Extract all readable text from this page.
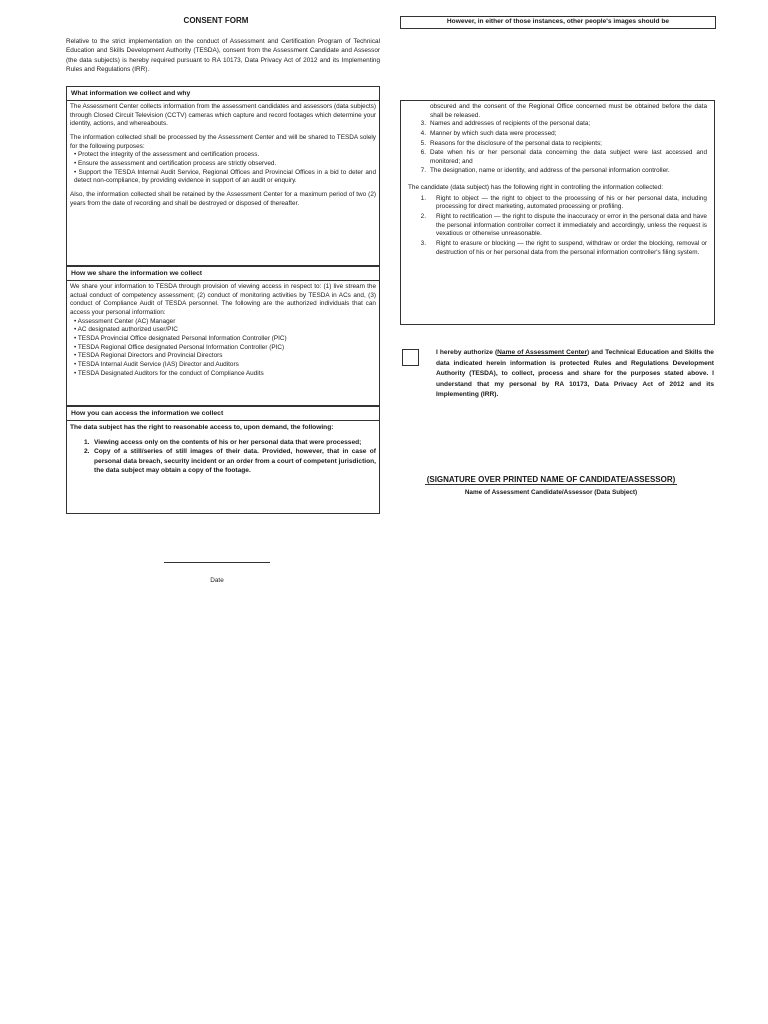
CONSENT FORM
Relative to the strict implementation on the conduct of Assessment and Certification Program of Technical Education and Skills Development Authority (TESDA), consent from the Assessment Candidate and Assessor (the data subjects) is hereby required pursuant to RA 10173, Data Privacy Act of 2012 and its Implementing Rules and Regulations (IRR).
What information we collect and why

The Assessment Center collects information from the assessment candidates and assessors (data subjects) through Closed Circuit Television (CCTV) cameras which capture and record footages which determine your identity, actions, and whereabouts.

The information collected shall be processed by the Assessment Center and will be shared to TESDA solely for the following purposes:
• Protect the integrity of the assessment and certification process.
• Ensure the assessment and certification process are strictly observed.
• Support the TESDA Internal Audit Service, Regional Offices and Provincial Offices in a bid to deter and detect non-compliance, by providing evidence in support of an audit or enquiry.

Also, the information collected shall be retained by the Assessment Center for a maximum period of two (2) years from the date of recording and shall be destroyed or disposed of thereafter.

How we share the information we collect
We share your information to TESDA through provision of viewing access in respect to: (1) live stream the actual conduct of competency assessment; (2) conduct of monitoring activities by TESDA in ACs and, (3) conduct of Compliance Audit of TESDA personnel. The following are the authorized individuals that can access your personal information:
• Assessment Center (AC) Manager
• AC designated authorized user/PIC
• TESDA Provincial Office designated Personal Information Controller (PIC)
• TESDA Regional Office designated Personal Information Controller (PIC)
• TESDA Regional Directors and Provincial Directors
• TESDA Internal Audit Service (IAS) Director and Auditors
• TESDA Designated Auditors for the conduct of Compliance Audits
How you can access the information we collect

The data subject has the right to reasonable access to, upon demand, the following:

1. Viewing access only on the contents of his or her personal data that were processed;
2. Copy of a still/series of still images of their data. Provided, however, that in case of personal data breach, security incident or an order from a court of competent jurisdiction, the data subject may obtain a copy of the footage.
Date
However, in either of those instances, other people's images should be
obscured and the consent of the Regional Office concerned must be obtained before the data shall be released.
3. Names and addresses of recipients of the personal data;
4. Manner by which such data were processed;
5. Reasons for the disclosure of the personal data to recipients;
6. Date when his or her personal data concerning the data subject were last accessed and monitored; and
7. The designation, name or identity, and address of the personal information controller.
The candidate (data subject) has the following right in controlling the information collected:
1.	Right to object — the right to object to the processing of his or her personal data, including processing for direct marketing, automated processing or profiling.
2.	Right to rectification — the right to dispute the inaccuracy or error in the personal data and have the personal information controller correct it immediately and accordingly, unless the request is vexatious or otherwise unreasonable.
3.	Right to erasure or blocking — the right to suspend, withdraw or order the blocking, removal or destruction of his or her personal data from the personal information controller's filing system.
I hereby authorize (Name of Assessment Center) and Technical Education and Skills the data indicated herein information is protected Rules and Regulations Development Authority (TESDA), to collect, process and share for the purposes stated above. I understand that my personal by RA 10173, Data Privacy Act of 2012 and its Implementing (IRR).
(SIGNATURE OVER PRINTED NAME OF CANDIDATE/ASSESSOR)
Name of Assessment Candidate/Assessor (Data Subject)
